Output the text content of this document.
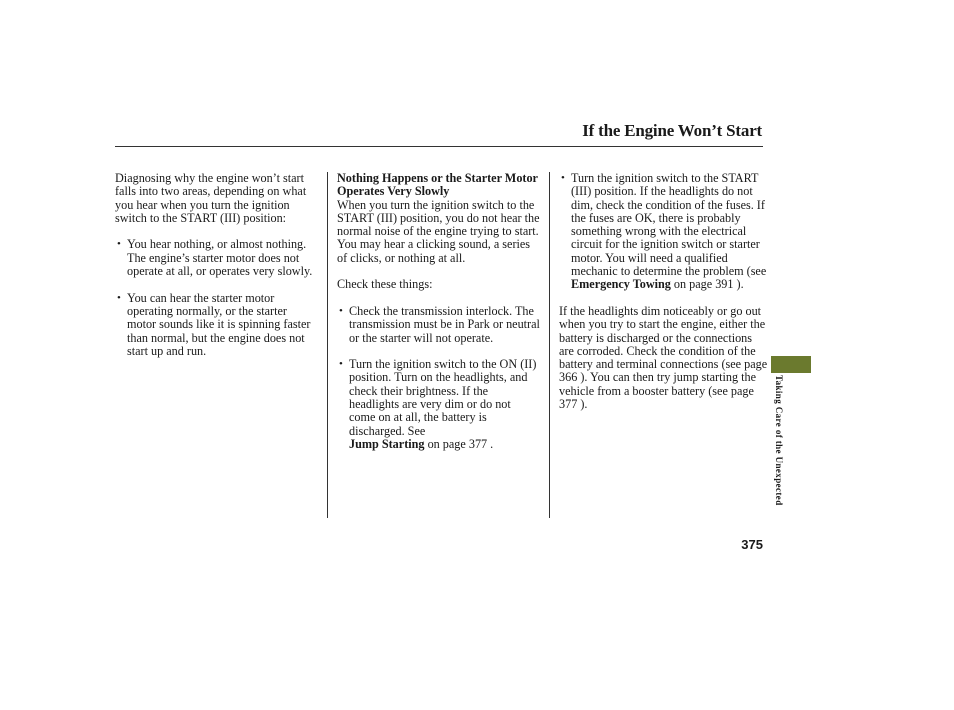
If the Engine Won’t Start

Diagnosing why the engine won’t start falls into two areas, depending on what you hear when you turn the ignition switch to the START (III) position:

• You hear nothing, or almost nothing. The engine’s starter motor does not operate at all, or operates very slowly.
• You can hear the starter motor operating normally, or the starter motor sounds like it is spinning faster than normal, but the engine does not start up and run.

Nothing Happens or the Starter Motor Operates Very Slowly
When you turn the ignition switch to the START (III) position, you do not hear the normal noise of the engine trying to start. You may hear a clicking sound, a series of clicks, or nothing at all.

Check these things:

• Check the transmission interlock. The transmission must be in Park or neutral or the starter will not operate.
• Turn the ignition switch to the ON (II) position. Turn on the headlights, and check their brightness. If the headlights are very dim or do not come on at all, the battery is discharged. See
Jump Starting on page 377 .
• Turn the ignition switch to the START (III) position. If the headlights do not dim, check the condition of the fuses. If the fuses are OK, there is probably something wrong with the electrical circuit for the ignition switch or starter motor. You will need a qualified mechanic to determine the problem (see
Emergency Towing on page 391 ).

If the headlights dim noticeably or go out when you try to start the engine, either the battery is discharged or the connections are corroded. Check the condition of the battery and terminal connections (see page 366 ). You can then try jump starting the vehicle from a booster battery (see page 377 ).	Taking Care of the Unexpected
375
